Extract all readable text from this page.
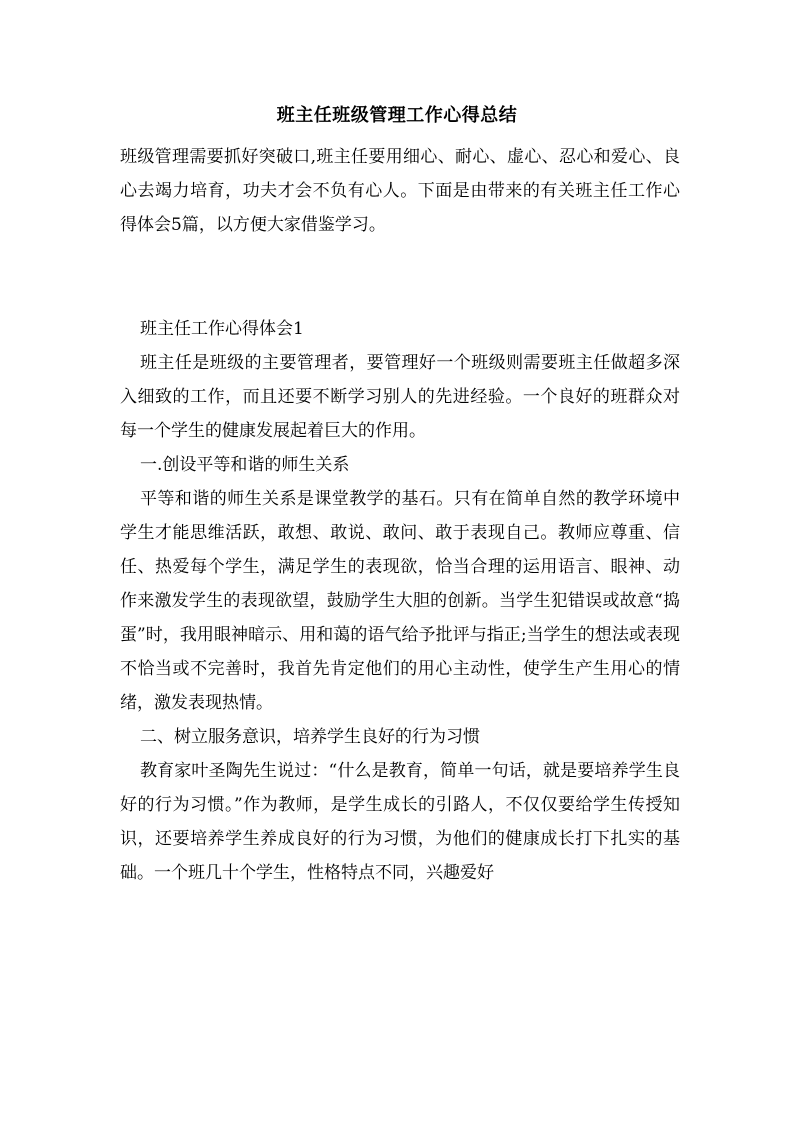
班主任班级管理工作心得总结

班级管理需要抓好突破口,班主任要用细心、耐心、虚心、忍心和爱心、良心去竭力培育，功夫才会不负有心人。下面是由带来的有关班主任工作心得体会5篇，以方便大家借鉴学习。

班主任工作心得体会1

班主任是班级的主要管理者，要管理好一个班级则需要班主任做超多深入细致的工作，而且还要不断学习别人的先进经验。一个良好的班群众对每一个学生的健康发展起着巨大的作用。

一.创设平等和谐的师生关系

平等和谐的师生关系是课堂教学的基石。只有在简单自然的教学环境中学生才能思维活跃，敢想、敢说、敢问、敢于表现自己。教师应尊重、信任、热爱每个学生，满足学生的表现欲，恰当合理的运用语言、眼神、动作来激发学生的表现欲望，鼓励学生大胆的创新。当学生犯错误或故意“捣蛋”时，我用眼神暗示、用和蔼的语气给予批评与指正;当学生的想法或表现不恰当或不完善时，我首先肯定他们的用心主动性，使学生产生用心的情绪，激发表现热情。

二、树立服务意识，培养学生良好的行为习惯

教育家叶圣陶先生说过：“什么是教育，简单一句话，就是要培养学生良好的行为习惯。”作为教师，是学生成长的引路人，不仅仅要给学生传授知识，还要培养学生养成良好的行为习惯，为他们的健康成长打下扎实的基础。一个班几十个学生，性格特点不同，兴趣爱好
